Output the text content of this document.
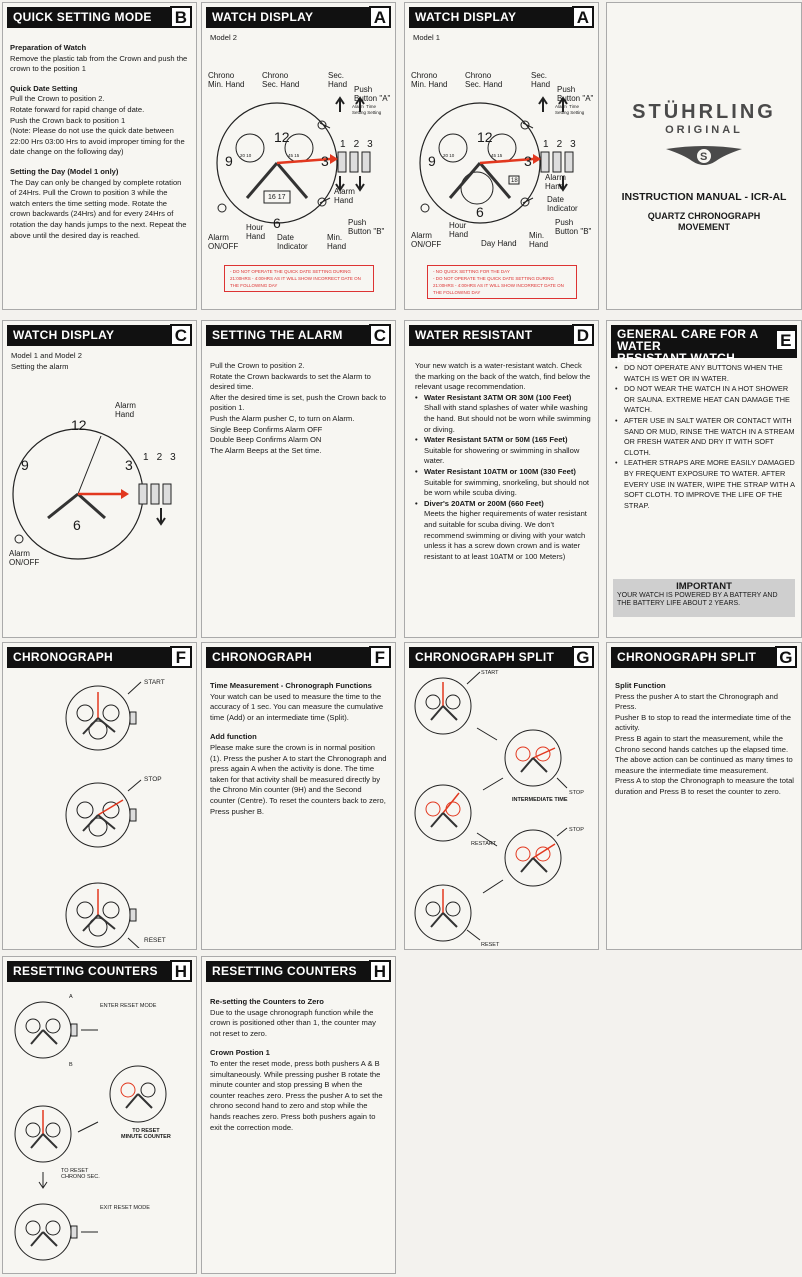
QUICK SETTING MODE B

Preparation of Watch

Remove the plastic tab from the Crown and push the crown to the position 1

Quick Date Setting

Pull the Crown to position 2.

Rotate forward for rapid change of date.

Push the Crown back to position 1

(Note: Please do not use the quick date between 22:00 Hrs 03:00 Hrs to avoid improper timing for the date change on the following day)

Setting the Day (Model 1 only)

The Day can only be changed by complete rotation of 24Hrs. Pull the Crown to position 3 while the watch enters the time setting mode. Rotate the crown backwards (24Hrs) and for every 24Hrs of rotation the day hands jumps to the next. Repeat the above until the desired day is reached.

WATCH DISPLAY	A
Model 2
12
9	3
6
20 10	45 15
16 17
123
Chrono
Min. Hand
Chrono
Sec. Hand
Sec.
Hand
Push
Button "A"
Alarm  Time
Setting Setting
Alarm
Hand
Push
Button "B"
Alarm
ON/OFF
Hour
Hand Date
Indicator
Min.
Hand
- DO NOT OPERATE THE QUICK DATE SETTING DURING 21:00HRS - 4:00HRS AS IT WILL SHOW INCORRECT DATE ON THE FOLLOWING DAY
WATCH DISPLAY	A
Model 1
12
9	3
6
20 10	45 15
18
123
Chrono
Min. Hand
Chrono
Sec. Hand
Sec.
Hand
Push
Button "A"
Alarm  Time
Setting Setting
Alarm
Hand
Date
Indicator
Push
Button "B"
Alarm
ON/OFF
Hour
Hand
Day Hand
Min.
Hand
- NO QUICK SETTING FOR THE DAY
- DO NOT OPERATE THE QUICK DATE SETTING DURING 21:00HRS - 4:00HRS AS IT WILL SHOW INCORRECT DATE ON THE FOLLOWING DAY
STÜHRLING
ORIGINAL
S
INSTRUCTION MANUAL - ICR-AL
QUARTZ CHRONOGRAPH
MOVEMENT
WATCH DISPLAY	C
Model 1 and Model 2
Setting the alarm
12
9	3
6
123
Alarm
Hand
Alarm
ON/OFF
SETTING THE ALARM C

Pull the Crown to position 2.

Rotate the Crown backwards to set the Alarm to desired time.

After the desired time is set, push the Crown back to position 1.

Push the Alarm pusher C, to turn on Alarm.

Single Beep Confirms Alarm OFF

Double Beep Confirms Alarm ON

The Alarm Beeps at the Set time.

WATER RESISTANT	D

Your new watch is a water-resistant watch. Check the marking on the back of the watch, find below the relevant usage recommendation.

• Water Resistant 3ATM OR 30M (100 Feet)

Shall with stand splashes of water while washing the hand. But should not be worn while swimming or diving.

• Water Resistant 5ATM or 50M (165 Feet)

Suitable for showering or swimming in shallow water.

• Water Resistant 10ATM or 100M (330 Feet)

Suitable for swimming, snorkeling, but should not be worn while scuba diving.

• Diver's 20ATM or 200M (660 Feet)

Meets the higher requirements of water resistant and suitable for scuba diving. We don't recommend swimming or diving with your watch unless it has a screw down crown and is water resistant to at least 10ATM or 100 Meters)

GENERAL CARE FOR A WATER
RESISTANT WATCH
E

• DO NOT OPERATE ANY BUTTONS WHEN THE WATCH IS WET OR IN WATER.

• DO NOT WEAR THE WATCH IN A HOT SHOWER OR SAUNA. EXTREME HEAT CAN DAMAGE THE WATCH.

• AFTER USE IN SALT WATER OR CONTACT WITH SAND OR MUD, RINSE THE WATCH IN A STREAM OR FRESH WATER AND DRY IT WITH SOFT CLOTH.

• LEATHER STRAPS ARE MORE EASILY DAMAGED BY FREQUENT EXPOSURE TO WATER. AFTER EVERY USE IN WATER, WIPE THE STRAP WITH A SOFT CLOTH. TO IMPROVE THE LIFE OF THE STRAP.

IMPORTANT
YOUR WATCH IS POWERED BY A BATTERY AND THE BATTERY LIFE ABOUT 2 YEARS.
CHRONOGRAPH	F
START
STOP
RESET
CHRONOGRAPH	F

Time Measurement - Chronograph Functions

Your watch can be used to measure the time to the accuracy of 1 sec. You can measure the cumulative time (Add) or an intermediate time (Split).

Add function

Please make sure the crown is in normal position (1). Press the pusher A to start the Chronograph and press again A when the activity is done. The time taken for that activity shall be measured directly by the Chrono Min counter (9H) and the Second counter (Centre). To reset the counters back to zero, Press pusher B.

CHRONOGRAPH SPLIT G
START
STOP
INTERMEDIATE TIME
RESTART
STOP
RESET
CHRONOGRAPH SPLIT G

Split Function

Press the pusher A to start the Chronograph and Press.

Pusher B to stop to read the intermediate time of the activity.

Press B again to start the measurement, while the Chrono second hands catches up the elapsed time.

The above action can be continued as many times to measure the intermediate time measurement.

Press A to stop the Chronograph to measure the total duration and Press B to reset the counter to zero.

RESETTING COUNTERS H
ENTER RESET MODE
TO RESET
MINUTE COUNTER
TO RESET
CHRONO SEC.
EXIT RESET MODE
A
B
RESETTING COUNTERS H

Re-setting the Counters to Zero

Due to the usage chronograph function while the crown is positioned other than 1, the counter may not reset to zero.

Crown Postion 1

To enter the reset mode, press both pushers A & B simultaneously. While pressing pusher B rotate the minute counter and stop pressing B when the counter reaches zero. Press the pusher A to set the chrono second hand to zero and stop while the hands reaches zero. Press both pushers again to exit the correction mode.
